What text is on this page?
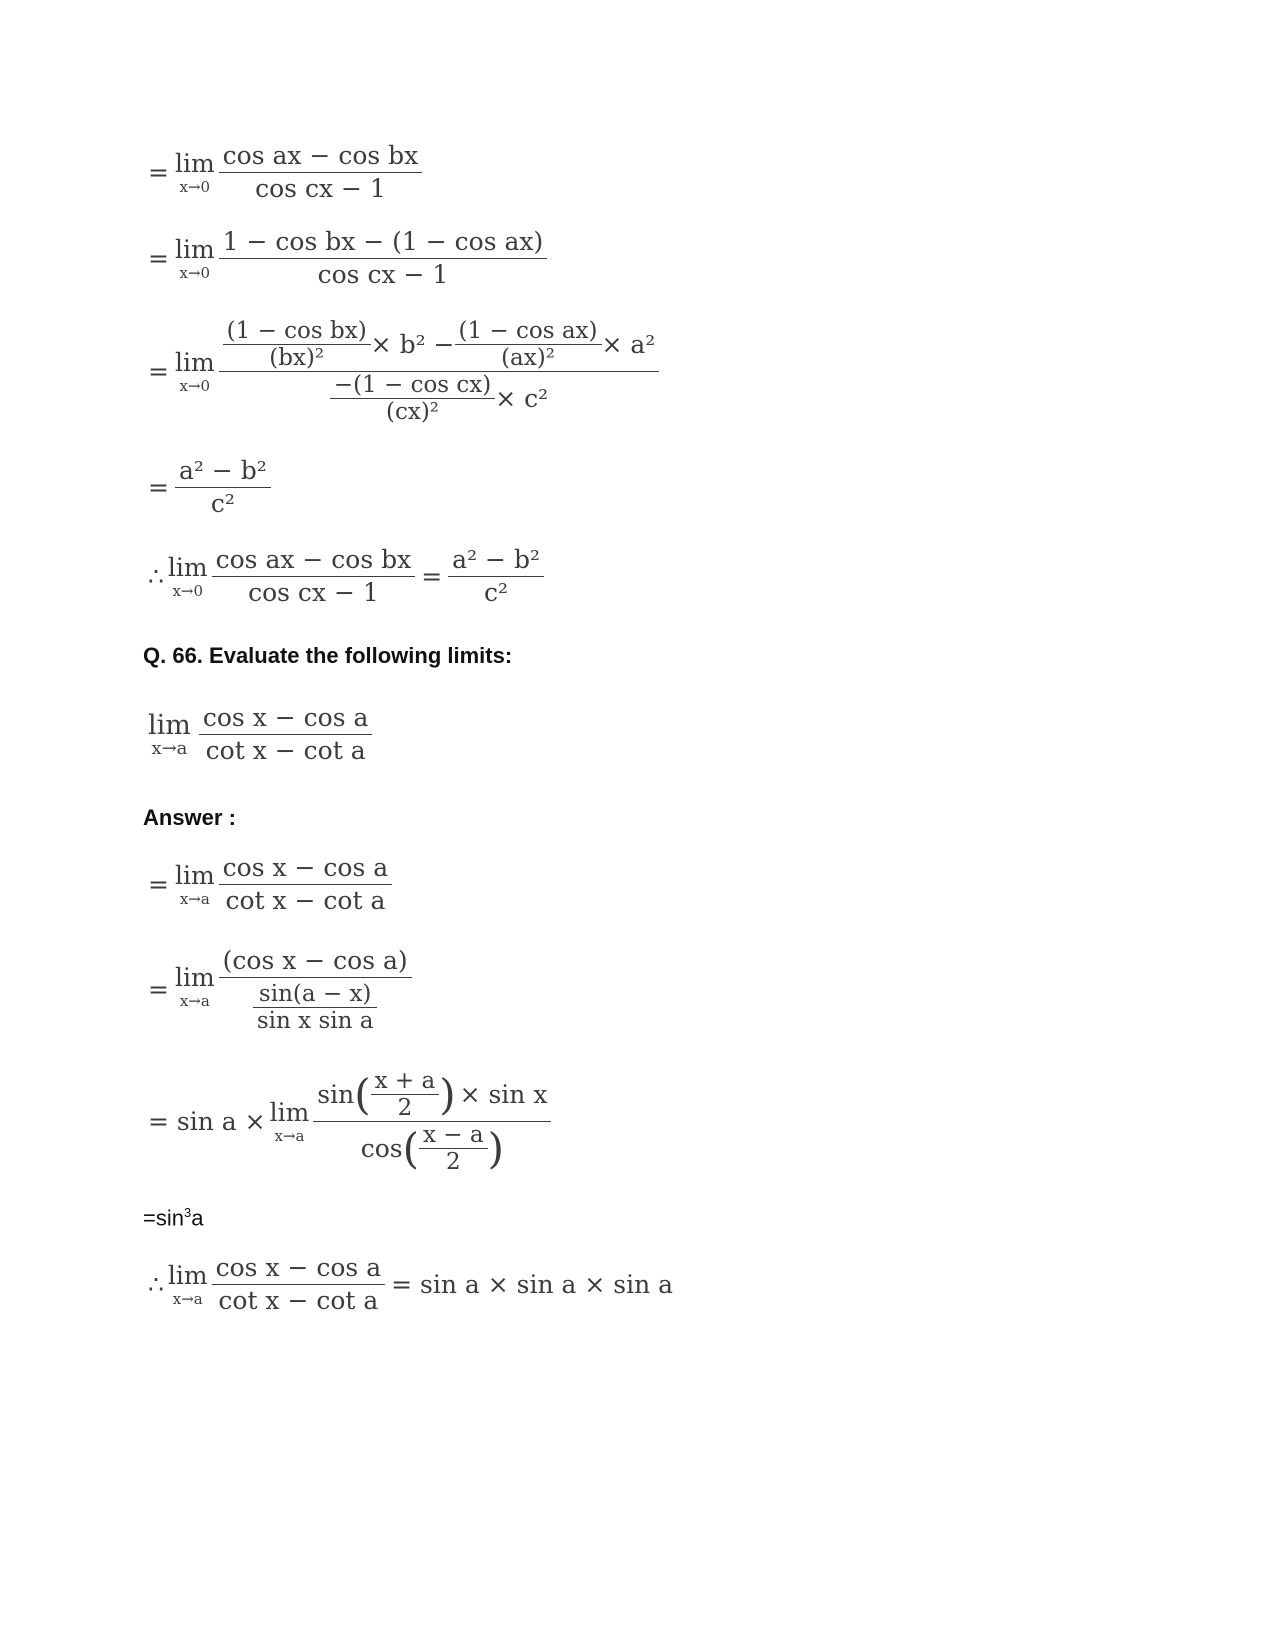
= lim
$x\to 0 \frac{\text{cos ax − cos bx}}{\text{cos cx − 1}}$
= lim
$x\to 0 \frac{\text{1 − cos bx − (1 − cos ax)}}{\text{cos cx − 1}}$
= lim
x→0
$\frac{\text{(1 − cos bx)}}{\text{(bx)²}} \times b^2 - \frac{\text{(1 − cos ax)}}{\text{(ax)²}} \times a^2$
$\frac{\text{−(1 − cos cx)}}{\text{(cx)²}} \times c^2$
= $\frac{\text{a² − b²}}{\text{c²}}$
∴ lim
$x\to 0 \frac{\text{cos ax − cos bx}}{\text{cos cx − 1}} = \frac{\text{a² − b²}}{\text{c²}}$
Q. 66. Evaluate the following limits:
lim
$x\to a \frac{\text{cos x − cos a}}{\text{cot x − cot a}}$
Answer :
= lim
$x\to a \frac{\text{cos x − cos a}}{\text{cot x − cot a}}$
= lim
$x\to a \frac{\text{(cos x − cos a)}}{\frac{\sin(a - x)}{\text{sin x sin a}}}$
= sin a × lim
x→a
sin ( $\frac{x + a}{2}$ ) × sin x
cos ( $\frac{x - a}{2}$ )
$=\sin^3a$
∴ lim
$x\to a \frac{\text{cos x − cos a}}{\text{cot x − cot a}} = \sin a \times \sin a \times \sin a$
